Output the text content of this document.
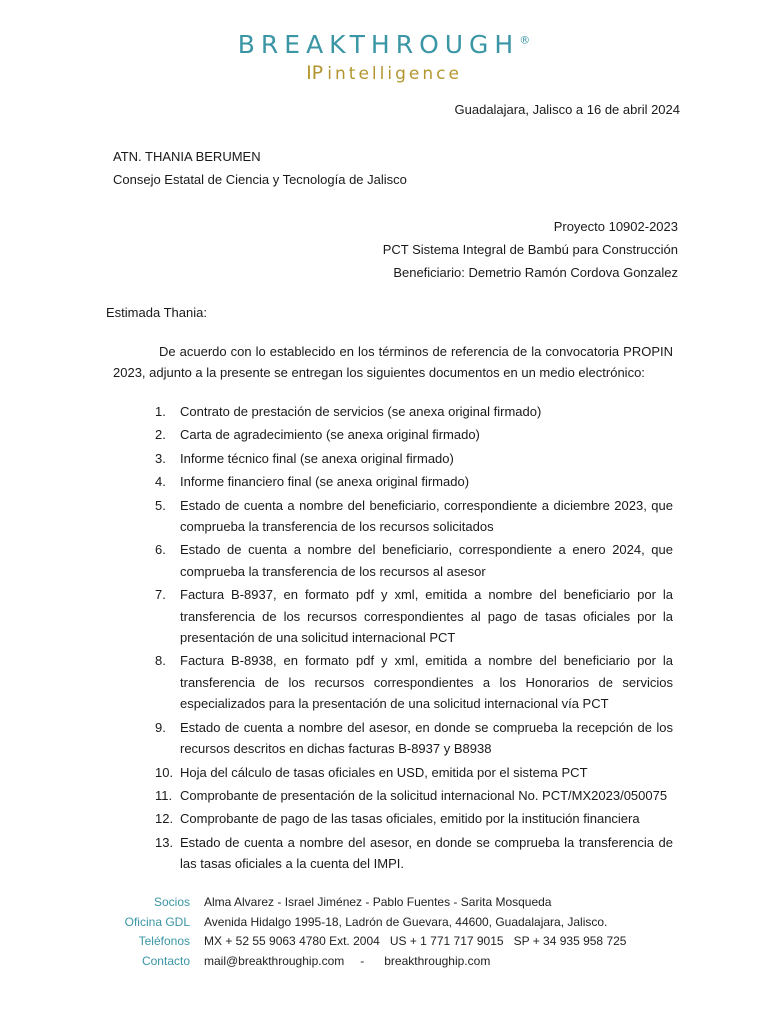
BREAKTHROUGH®
IP intelligence
Guadalajara, Jalisco a 16 de abril 2024
ATN. THANIA BERUMEN
Consejo Estatal de Ciencia y Tecnología de Jalisco
Proyecto 10902-2023
PCT Sistema Integral de Bambú para Construcción
Beneficiario: Demetrio Ramón Cordova Gonzalez
Estimada Thania:
De acuerdo con lo establecido en los términos de referencia de la convocatoria PROPIN 2023, adjunto a la presente se entregan los siguientes documentos en un medio electrónico:
1. Contrato de prestación de servicios (se anexa original firmado)
2. Carta de agradecimiento (se anexa original firmado)
3. Informe técnico final (se anexa original firmado)
4. Informe financiero final (se anexa original firmado)
5. Estado de cuenta a nombre del beneficiario, correspondiente a diciembre 2023, que comprueba la transferencia de los recursos solicitados
6. Estado de cuenta a nombre del beneficiario, correspondiente a enero 2024, que comprueba la transferencia de los recursos al asesor
7. Factura B-8937, en formato pdf y xml, emitida a nombre del beneficiario por la transferencia de los recursos correspondientes al pago de tasas oficiales por la presentación de una solicitud internacional PCT
8. Factura B-8938, en formato pdf y xml, emitida a nombre del beneficiario por la transferencia de los recursos correspondientes a los Honorarios de servicios especializados para la presentación de una solicitud internacional vía PCT
9. Estado de cuenta a nombre del asesor, en donde se comprueba la recepción de los recursos descritos en dichas facturas B-8937 y B8938
10. Hoja del cálculo de tasas oficiales en USD, emitida por el sistema PCT
11. Comprobante de presentación de la solicitud internacional No. PCT/MX2023/050075
12. Comprobante de pago de las tasas oficiales, emitido por la institución financiera
13. Estado de cuenta a nombre del asesor, en donde se comprueba la transferencia de las tasas oficiales a la cuenta del IMPI.
Socios	Alma Alvarez - Israel Jiménez - Pablo Fuentes - Sarita Mosqueda
Oficina GDL	Avenida Hidalgo 1995-18, Ladrón de Guevara, 44600, Guadalajara, Jalisco.
Teléfonos	MX + 52 55 9063 4780 Ext. 2004 US + 1 771 717 9015 SP + 34 935 958 725
Contacto	mail@breakthroughip.com - breakthroughip.com
